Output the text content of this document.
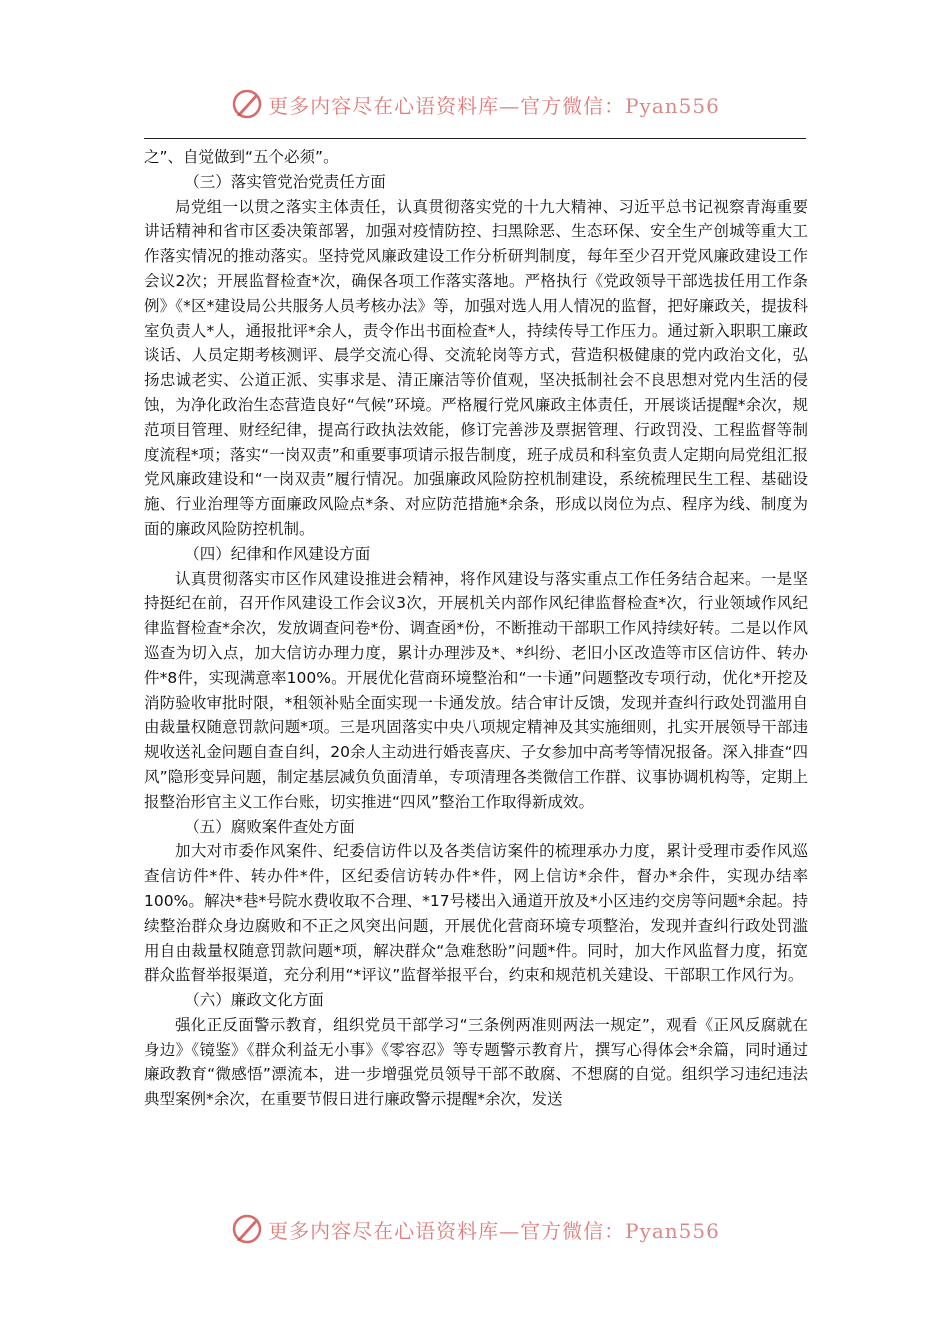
更多内容尽在心语资料库—官方微信：Pyan556

之”、自觉做到“五个必须”。

（三）落实管党治党责任方面

局党组一以贯之落实主体责任，认真贯彻落实党的十九大精神、习近平总书记视察青海重要讲话精神和省市区委决策部署，加强对疫情防控、扫黑除恶、生态环保、安全生产创城等重大工作落实情况的推动落实。坚持党风廉政建设工作分析研判制度，每年至少召开党风廉政建设工作会议2次；开展监督检查*次，确保各项工作落实落地。严格执行《党政领导干部选拔任用工作条例》《*区*建设局公共服务人员考核办法》等，加强对选人用人情况的监督，把好廉政关，提拔科室负责人*人，通报批评*余人，责令作出书面检查*人，持续传导工作压力。通过新入职职工廉政谈话、人员定期考核测评、晨学交流心得、交流轮岗等方式，营造积极健康的党内政治文化，弘扬忠诚老实、公道正派、实事求是、清正廉洁等价值观，坚决抵制社会不良思想对党内生活的侵蚀，为净化政治生态营造良好“气候”环境。严格履行党风廉政主体责任，开展谈话提醒*余次，规范项目管理、财经纪律，提高行政执法效能，修订完善涉及票据管理、行政罚没、工程监督等制度流程*项；落实“一岗双责”和重要事项请示报告制度，班子成员和科室负责人定期向局党组汇报党风廉政建设和“一岗双责”履行情况。加强廉政风险防控机制建设，系统梳理民生工程、基础设施、行业治理等方面廉政风险点*条、对应防范措施*余条，形成以岗位为点、程序为线、制度为面的廉政风险防控机制。

（四）纪律和作风建设方面

认真贯彻落实市区作风建设推进会精神，将作风建设与落实重点工作任务结合起来。一是坚持挺纪在前，召开作风建设工作会议3次，开展机关内部作风纪律监督检查*次，行业领域作风纪律监督检查*余次，发放调查问卷*份、调查函*份，不断推动干部职工作风持续好转。二是以作风巡查为切入点，加大信访办理力度，累计办理涉及*、*纠纷、老旧小区改造等市区信访件、转办件*8件，实现满意率100%。开展优化营商环境整治和“一卡通”问题整改专项行动，优化*开挖及消防验收审批时限，*租领补贴全面实现一卡通发放。结合审计反馈，发现并查纠行政处罚滥用自由裁量权随意罚款问题*项。三是巩固落实中央八项规定精神及其实施细则，扎实开展领导干部违规收送礼金问题自查自纠，20余人主动进行婚丧喜庆、子女参加中高考等情况报备。深入排查“四风”隐形变异问题，制定基层减负负面清单，专项清理各类微信工作群、议事协调机构等，定期上报整治形官主义工作台账，切实推进“四风”整治工作取得新成效。

（五）腐败案件查处方面

加大对市委作风案件、纪委信访件以及各类信访案件的梳理承办力度，累计受理市委作风巡查信访件*件、转办件*件，区纪委信访转办件*件，网上信访*余件，督办*余件，实现办结率100%。解决*巷*号院水费收取不合理、*17号楼出入通道开放及*小区违约交房等问题*余起。持续整治群众身边腐败和不正之风突出问题，开展优化营商环境专项整治，发现并查纠行政处罚滥用自由裁量权随意罚款问题*项，解决群众“急难愁盼”问题*件。同时，加大作风监督力度，拓宽群众监督举报渠道，充分利用“*评议”监督举报平台，约束和规范机关建设、干部职工作风行为。

（六）廉政文化方面

强化正反面警示教育，组织党员干部学习“三条例两准则两法一规定”，观看《正风反腐就在身边》《镜鉴》《群众利益无小事》《零容忍》等专题警示教育片，撰写心得体会*余篇，同时通过廉政教育“微感悟”漂流本，进一步增强党员领导干部不敢腐、不想腐的自觉。组织学习违纪违法典型案例*余次，在重要节假日进行廉政警示提醒*余次，发送

更多内容尽在心语资料库—官方微信：Pyan556
